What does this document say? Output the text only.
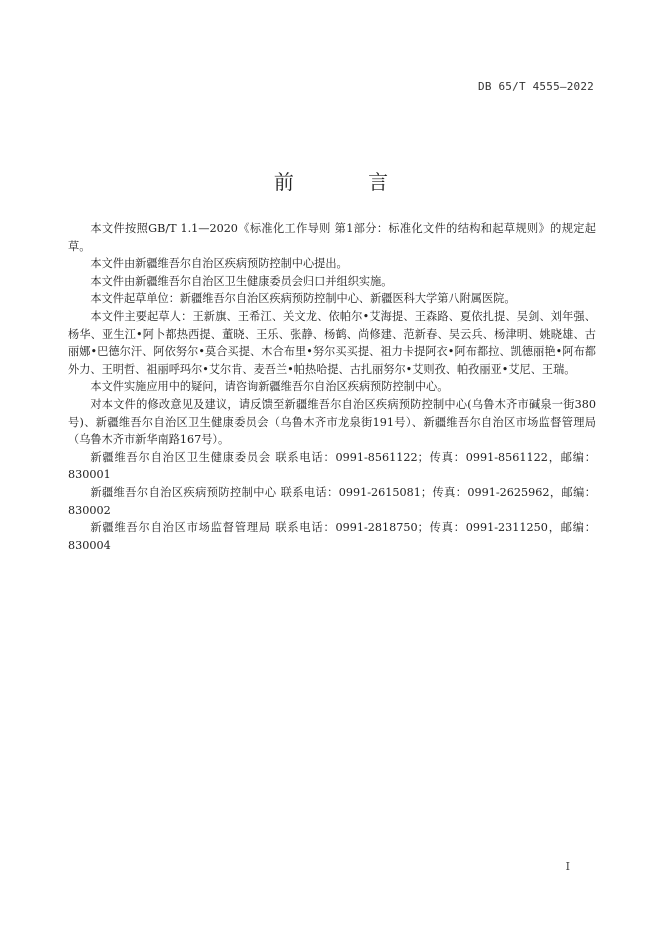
DB 65/T 4555—2022
前 言

本文件按照GB/T 1.1—2020《标准化工作导则 第1部分：标准化文件的结构和起草规则》的规定起草。

本文件由新疆维吾尔自治区疾病预防控制中心提出。

本文件由新疆维吾尔自治区卫生健康委员会归口并组织实施。

本文件起草单位：新疆维吾尔自治区疾病预防控制中心、新疆医科大学第八附属医院。

本文件主要起草人：王新旗、王希江、关文龙、依帕尔•艾海提、王森路、夏依扎提、吴剑、刘年强、杨华、亚生江•阿卜都热西提、董晓、王乐、张静、杨鹤、尚修建、范新春、吴云兵、杨津明、姚晓雄、古丽娜•巴德尔汗、阿依努尔•莫合买提、木合布里•努尔买买提、祖力卡提阿衣•阿布都拉、凯德丽艳•阿布都外力、王明哲、祖丽呼玛尔•艾尔肯、麦吾兰•帕热哈提、古扎丽努尔•艾则孜、帕孜丽亚•艾尼、王瑞。

本文件实施应用中的疑问，请咨询新疆维吾尔自治区疾病预防控制中心。

对本文件的修改意见及建议，请反馈至新疆维吾尔自治区疾病预防控制中心(乌鲁木齐市碱泉一街380号)、新疆维吾尔自治区卫生健康委员会（乌鲁木齐市龙泉街191号）、新疆维吾尔自治区市场监督管理局（乌鲁木齐市新华南路167号）。

新疆维吾尔自治区卫生健康委员会 联系电话：0991-8561122；传真：0991-8561122，邮编：830001

新疆维吾尔自治区疾病预防控制中心 联系电话：0991-2615081；传真：0991-2625962，邮编：830002

新疆维吾尔自治区市场监督管理局 联系电话：0991-2818750；传真：0991-2311250，邮编：830004

I
